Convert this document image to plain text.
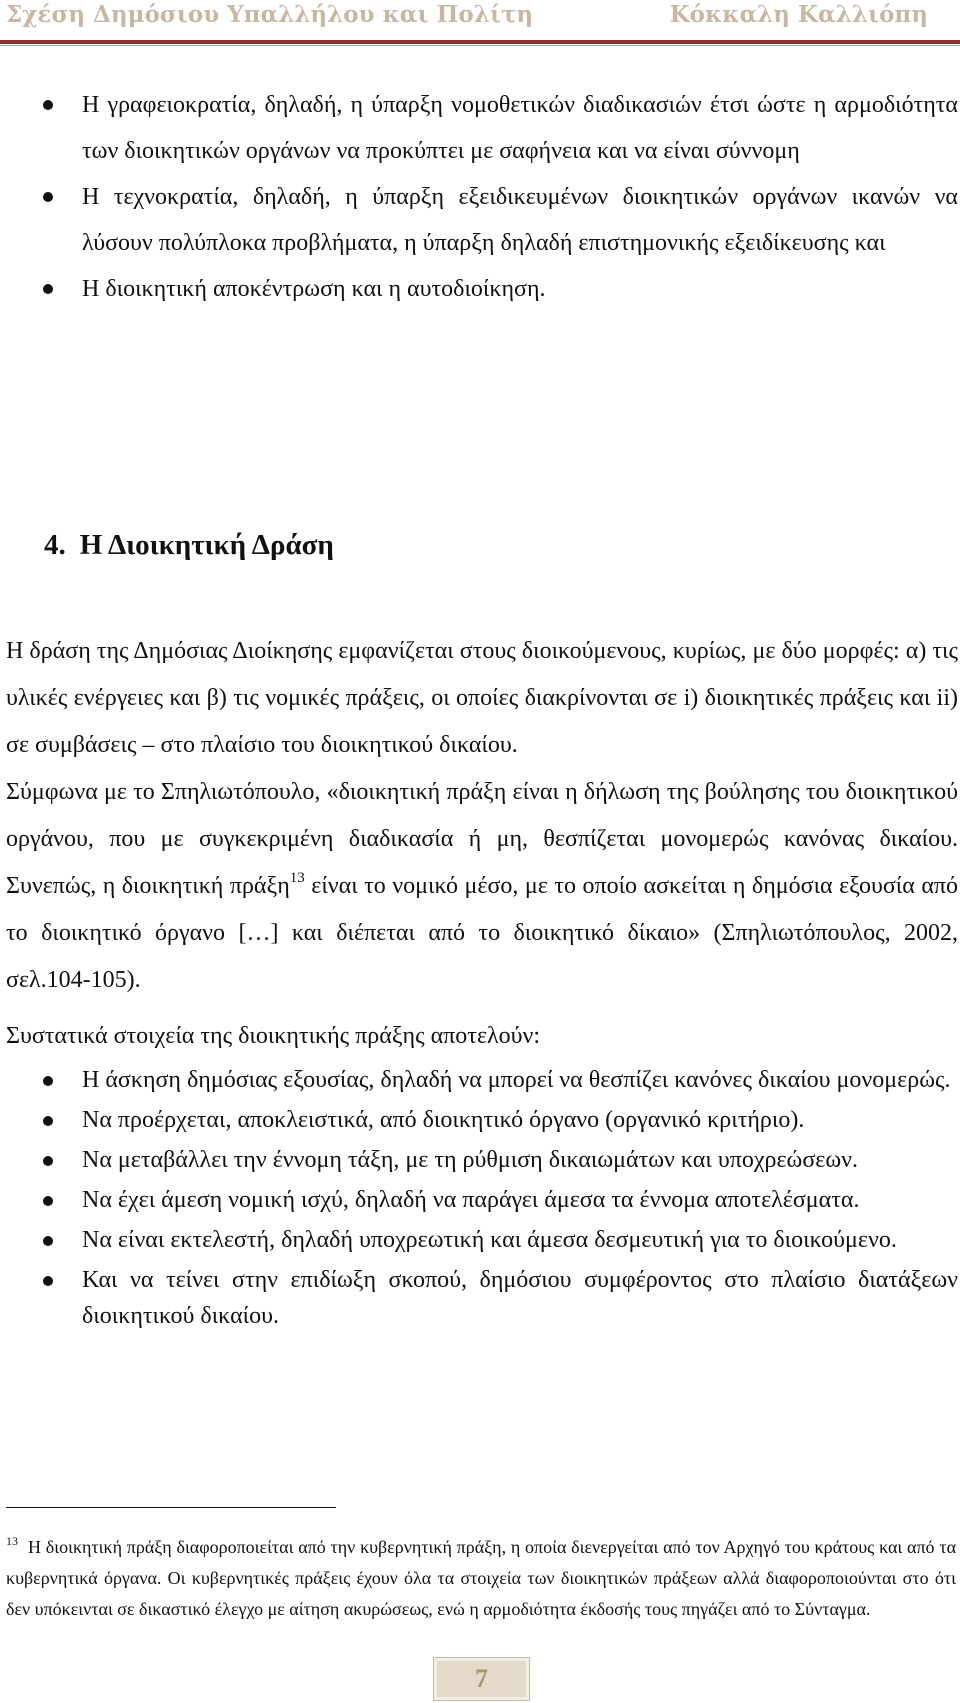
Σχέση Δημόσιου Υπαλλήλου και Πολίτη	Κόκκαλη Καλλιόπη
Η γραφειοκρατία, δηλαδή, η ύπαρξη νομοθετικών διαδικασιών έτσι ώστε η αρμοδιότητα των διοικητικών οργάνων να προκύπτει με σαφήνεια και να είναι σύννομη
Η τεχνοκρατία, δηλαδή, η ύπαρξη εξειδικευμένων διοικητικών οργάνων ικανών να λύσουν πολύπλοκα προβλήματα, η ύπαρξη δηλαδή επιστημονικής εξειδίκευσης και
Η διοικητική αποκέντρωση και η αυτοδιοίκηση.
4. Η Διοικητική Δράση

Η δράση της Δημόσιας Διοίκησης εμφανίζεται στους διοικούμενους, κυρίως, με δύο μορφές: α) τις υλικές ενέργειες και β) τις νομικές πράξεις, οι οποίες διακρίνονται σε i) διοικητικές πράξεις και ii) σε συμβάσεις – στο πλαίσιο του διοικητικού δικαίου.

Σύμφωνα με το Σπηλιωτόπουλο, «διοικητική πράξη είναι η δήλωση της βούλησης του διοικητικού οργάνου, που με συγκεκριμένη διαδικασία ή μη, θεσπίζεται μονομερώς κανόνας δικαίου. Συνεπώς, η διοικητική πράξη$^{13}$ είναι το νομικό μέσο, με το οποίο ασκείται η δημόσια εξουσία από το διοικητικό όργανο […] και διέπεται από το διοικητικό δίκαιο» (Σπηλιωτόπουλος, 2002, σελ.104-105).

Συστατικά στοιχεία της διοικητικής πράξης αποτελούν:
Η άσκηση δημόσιας εξουσίας, δηλαδή να μπορεί να θεσπίζει κανόνες δικαίου μονομερώς.
Να προέρχεται, αποκλειστικά, από διοικητικό όργανο (οργανικό κριτήριο).
Να μεταβάλλει την έννομη τάξη, με τη ρύθμιση δικαιωμάτων και υποχρεώσεων.
Να έχει άμεση νομική ισχύ, δηλαδή να παράγει άμεσα τα έννομα αποτελέσματα.
Να είναι εκτελεστή, δηλαδή υποχρεωτική και άμεσα δεσμευτική για το διοικούμενο.
Και να τείνει στην επιδίωξη σκοπού, δημόσιου συμφέροντος στο πλαίσιο διατάξεων διοικητικού δικαίου.
$^{13}$ Η διοικητική πράξη διαφοροποιείται από την κυβερνητική πράξη, η οποία διενεργείται από τον Αρχηγό του κράτους και από τα κυβερνητικά όργανα. Οι κυβερνητικές πράξεις έχουν όλα τα στοιχεία των διοικητικών πράξεων αλλά διαφοροποιούνται στο ότι δεν υπόκεινται σε δικαστικό έλεγχο με αίτηση ακυρώσεως, ενώ η αρμοδιότητα έκδοσής τους πηγάζει από το Σύνταγμα.
7
